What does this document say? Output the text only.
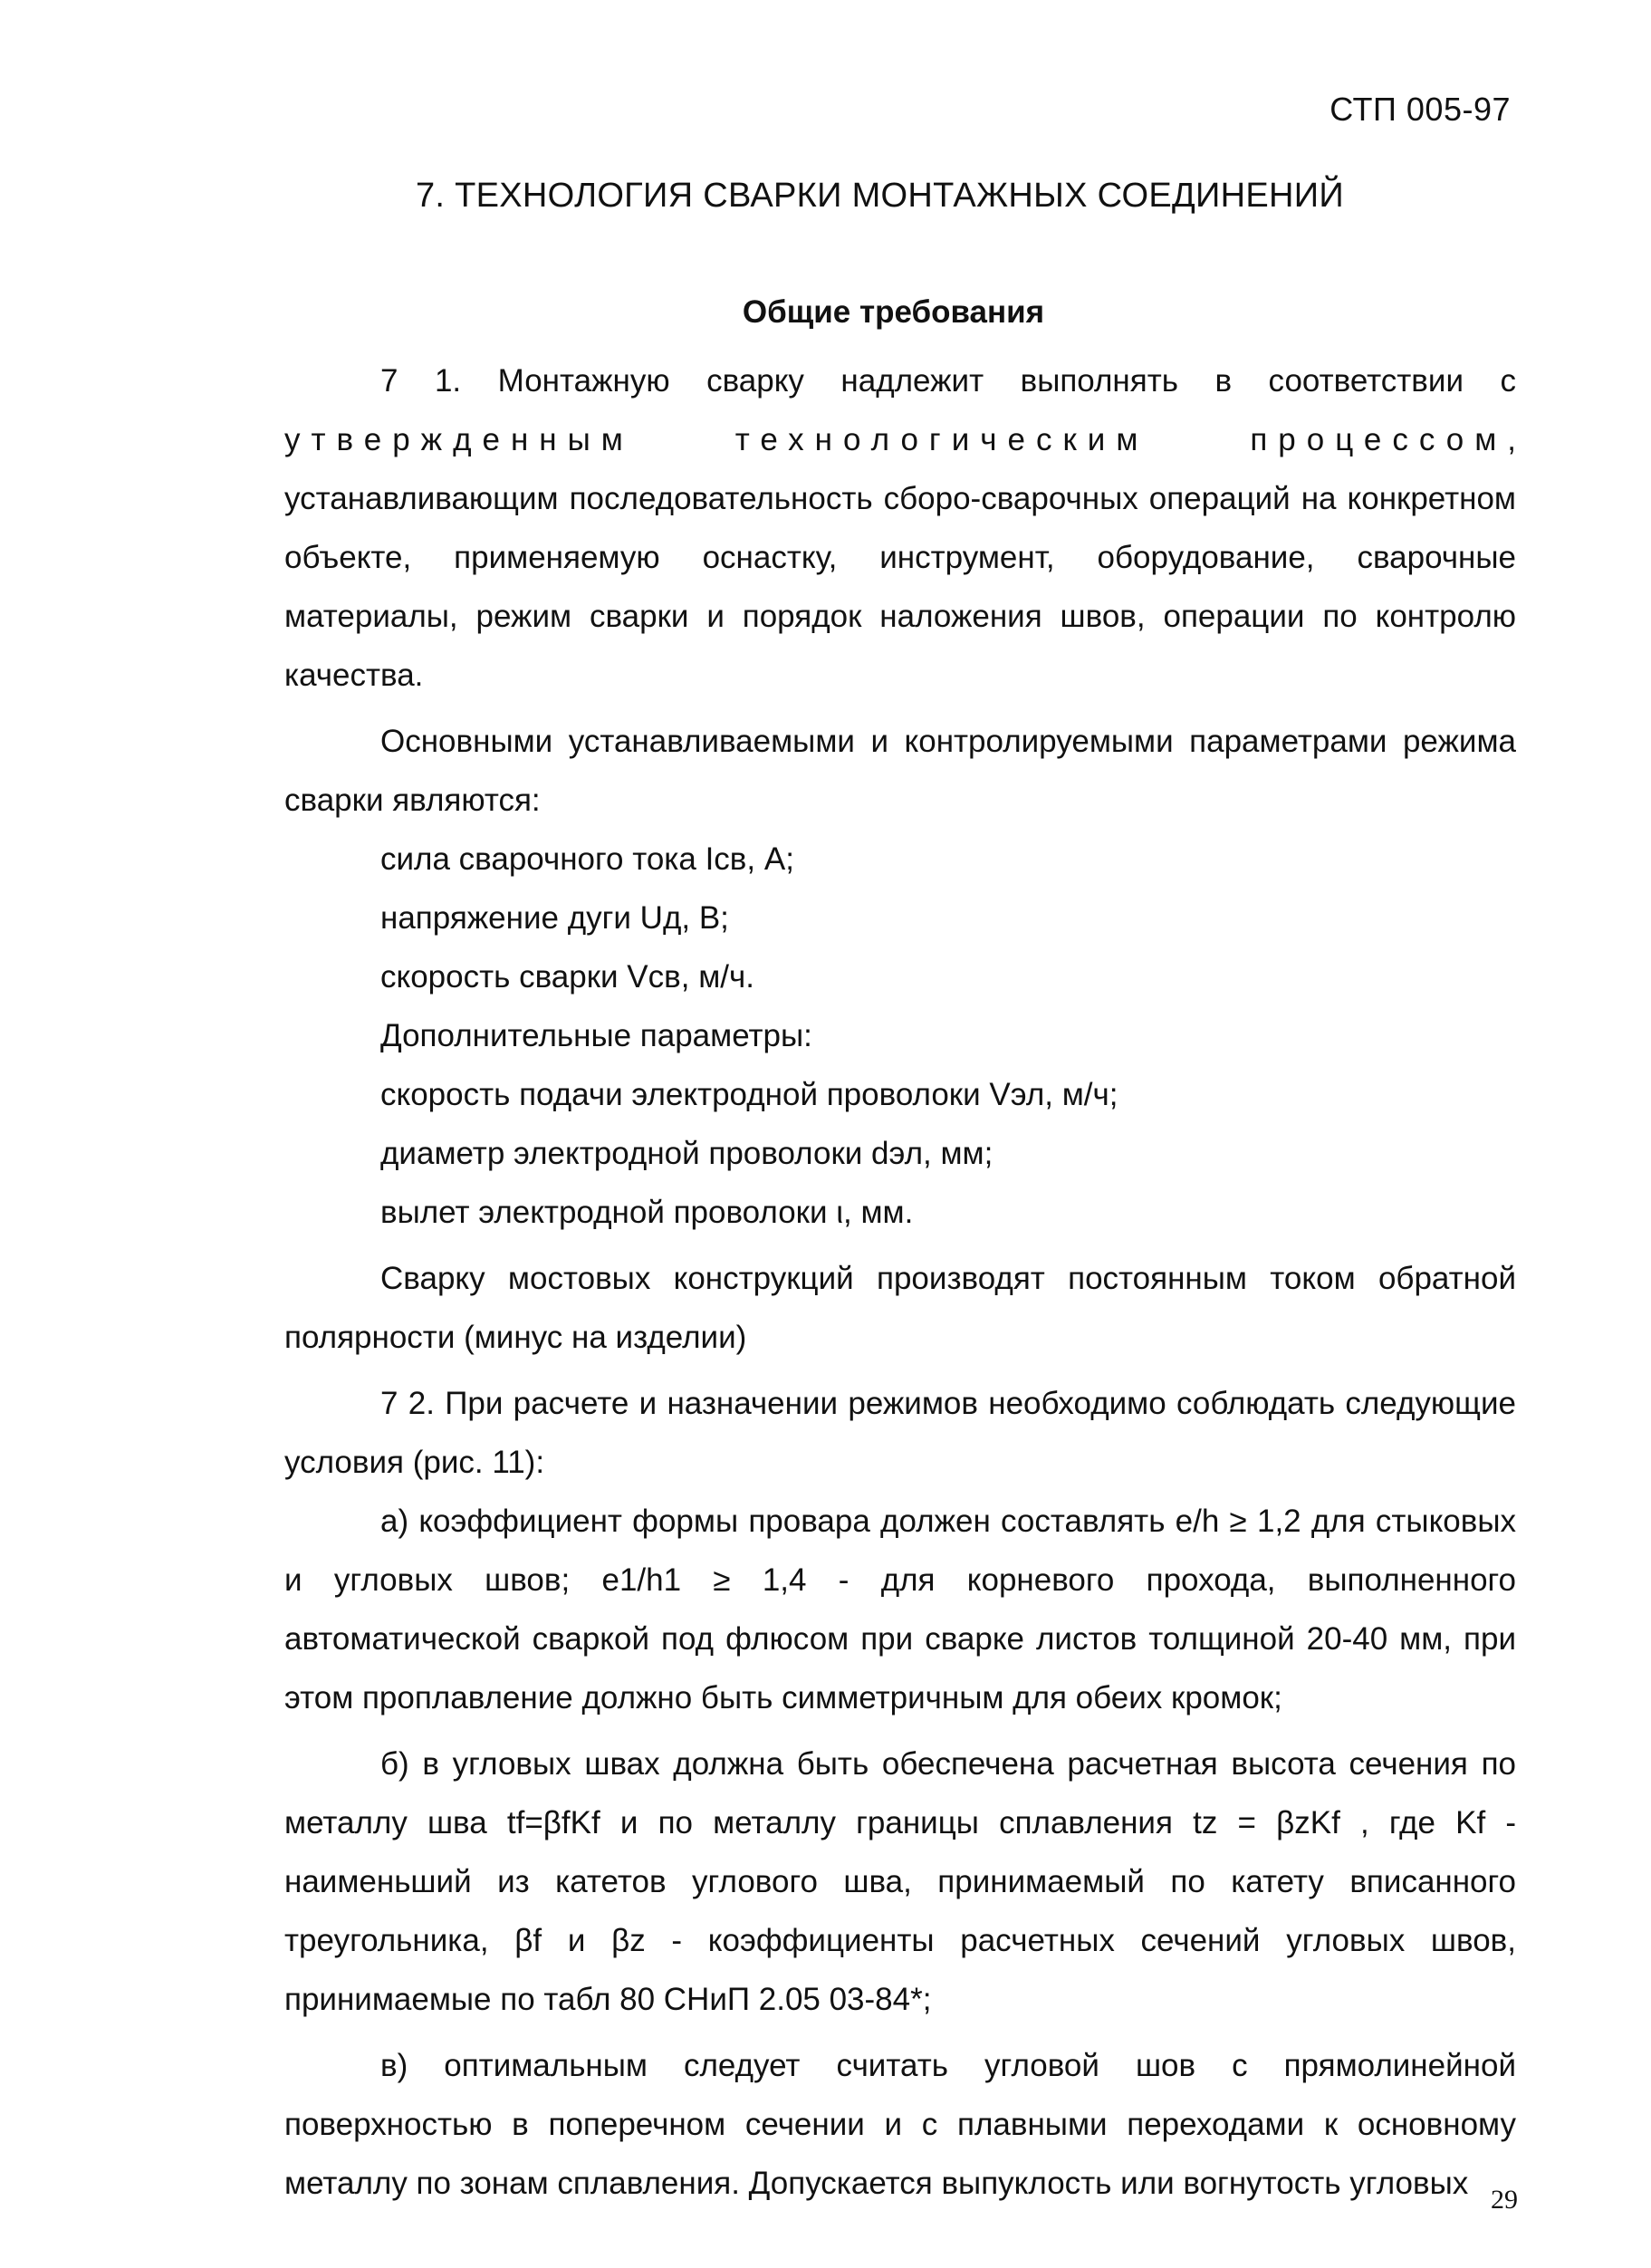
СТП 005-97
7. ТЕХНОЛОГИЯ СВАРКИ МОНТАЖНЫХ СОЕДИНЕНИЙ
Общие требования

7 1. Монтажную сварку надлежит выполнять в соответствии с утвержденным технологическим процессом, устанавливающим последовательность сборо-сварочных операций на конкретном объекте, применяемую оснастку, инструмент, оборудование, сварочные материалы, режим сварки и порядок наложения швов, операции по контролю качества.

Основными устанавливаемыми и контролируемыми параметрами режима сварки являются:

сила сварочного тока Iсв, А;

напряжение дуги Uд, В;

скорость сварки Vсв, м/ч.

Дополнительные параметры:

скорость подачи электродной проволоки Vэл, м/ч;

диаметр электродной проволоки dэл, мм;

вылет электродной проволоки ι, мм.

Сварку мостовых конструкций производят постоянным током обратной полярности (минус на изделии)

7 2. При расчете и назначении режимов необходимо соблюдать следующие условия (рис. 11):

а) коэффициент формы провара должен составлять e/h ≥ 1,2 для стыковых и угловых швов; e1/h1 ≥ 1,4 - для корневого прохода, выполненного автоматической сваркой под флюсом при сварке листов толщиной 20-40 мм, при этом проплавление должно быть симметричным для обеих кромок;

б) в угловых швах должна быть обеспечена расчетная высота сечения по металлу шва tf=βfKf и по металлу границы сплавления tz = βzKf , где Kf - наименьший из катетов углового шва, принимаемый по катету вписанного треугольника, βf и βz - коэффициенты расчетных сечений угловых швов, принимаемые по табл 80 СНиП 2.05 03-84*;

в) оптимальным следует считать угловой шов с прямолинейной поверхностью в поперечном сечении и с плавными переходами к основному металлу по зонам сплавления. Допускается выпуклость или вогнутость угловых 29
